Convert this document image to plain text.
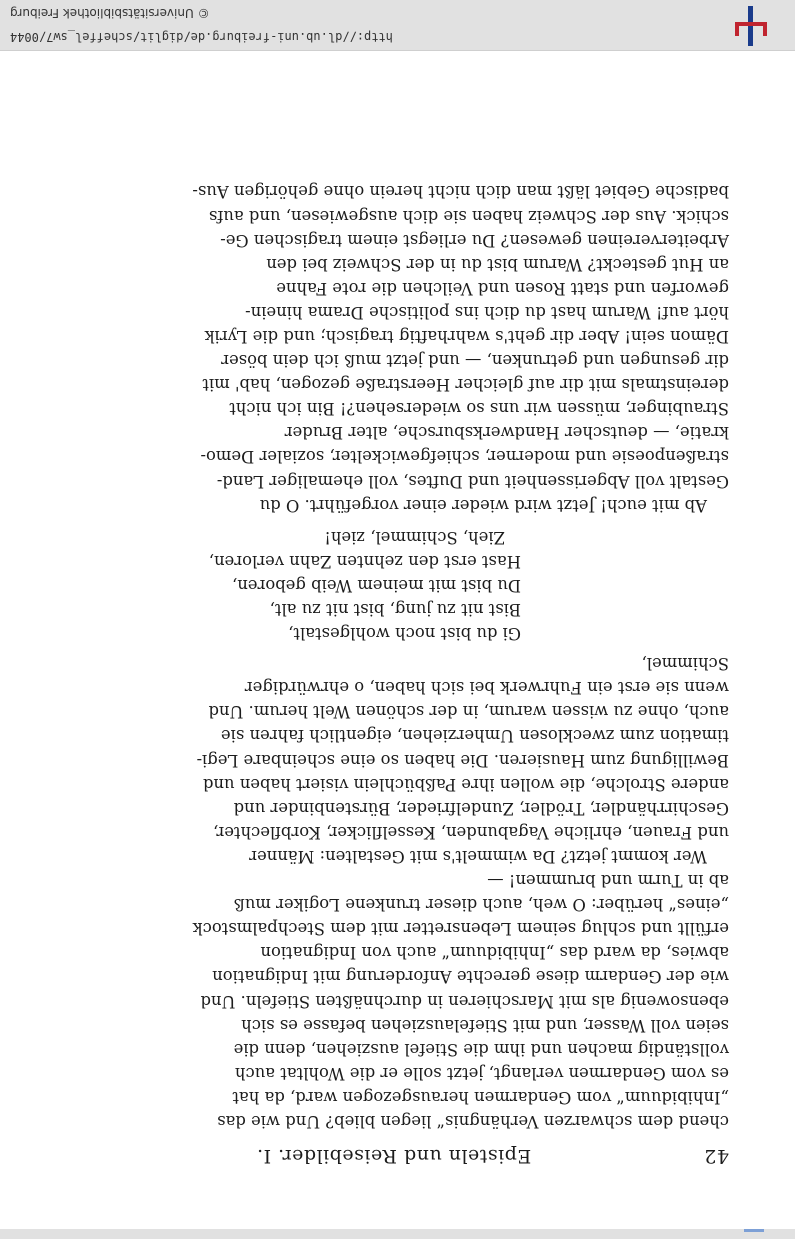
http://dl.ub.uni-freiburg.de/diglit/scheffel_sw7/0044
© Universitätsbibliothek Freiburg
42
Episteln und Reisebilder. I.

chend dem schwarzen Verhängnis“ liegen blieb? Und wie das
„Inhibiduum“ vom Gendarmen herausgezogen ward, da hat
es vom Gendarmen verlangt, jetzt solle er die Wohltat auch
vollständig machen und ihm die Stiefel ausziehen, denn die
seien voll Wasser, und mit Stiefelausziehen befasse es sich
ebensowenig als mit Marschieren in durchnäßten Stiefeln. Und
wie der Gendarm diese gerechte Anforderung mit Indignation
abwies, da ward das „Inhibiduum“ auch von Indignation
erfüllt und schlug seinem Lebensretter mit dem Stechpalmstock
„eines“ herüber: O weh, auch dieser trunkene Logiker muß
ab in Turm und brummen! —

Wer kommt jetzt? Da wimmelt's mit Gestalten: Männer
und Frauen, ehrliche Vagabunden, Kesselflicker, Korbflechter,
Geschirrhändler, Trödler, Zundelfrieder, Bürstenbinder und
andere Strolche, die wollen ihre Paßbüchlein visiert haben und
Bewilligung zum Hausieren. Die haben so eine scheinbare Legi-
timation zum zwecklosen Umherziehen, eigentlich fahren sie
auch, ohne zu wissen warum, in der schönen Welt herum. Und
wenn sie erst ein Fuhrwerk bei sich haben, o ehrwürdiger
Schimmel,

Gi du bist noch wohlgestalt,
Bist nit zu jung, bist nit zu alt,
Du bist mit meinem Weib geboren,
Hast erst den zehnten Zahn verloren,
Zieh, Schimmel, zieh!

Ab mit euch! Jetzt wird wieder einer vorgeführt. O du
Gestalt voll Abgerissenheit und Duftes, voll ehemaliger Land-
straßenpoesie und moderner, schiefgewickelter, sozialer Demo-
kratie, — deutscher Handwerksbursche, alter Bruder
Straubinger, müssen wir uns so wiedersehen?! Bin ich nicht
dereinstmals mit dir auf gleicher Heerstraße gezogen, hab' mit
dir gesungen und getrunken, — und jetzt muß ich dein böser
Dämon sein! Aber dir geht's wahrhaftig tragisch; und die Lyrik
hört auf! Warum hast du dich ins politische Drama hinein-
geworfen und statt Rosen und Veilchen die rote Fahne
an Hut gesteckt? Warum bist du in der Schweiz bei den
Arbeitervereinen gewesen? Du erliegst einem tragischen Ge-
schick. Aus der Schweiz haben sie dich ausgewiesen, und aufs
badische Gebiet läßt man dich nicht herein ohne gehörigen Aus-
